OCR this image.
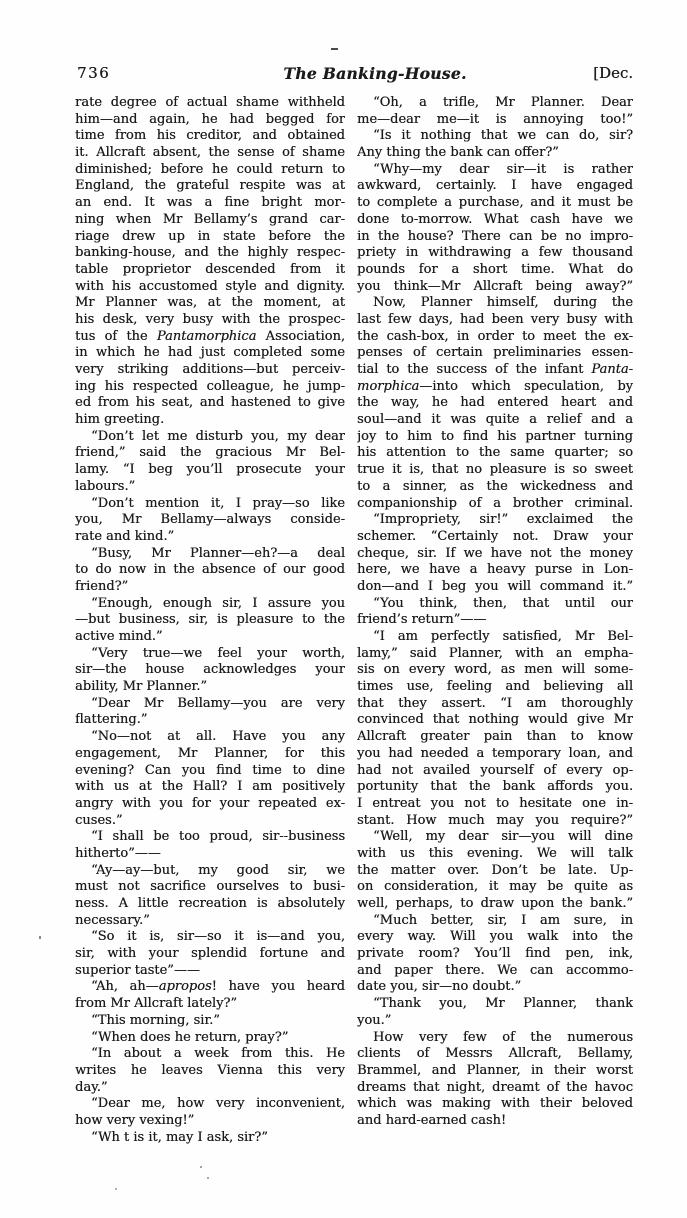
736	The Banking-House.	[Dec.
rate degree of actual shame withheld
him—and again, he had begged for
time from his creditor, and obtained
it. Allcraft absent, the sense of shame
diminished; before he could return to
England, the grateful respite was at
an end. It was a fine bright mor-
ning when Mr Bellamy’s grand car-
riage drew up in state before the
banking-house, and the highly respec-
table proprietor descended from it
with his accustomed style and dignity.
Mr Planner was, at the moment, at
his desk, very busy with the prospec-
tus of the Pantamorphica Association,
in which he had just completed some
very striking additions—but perceiv-
ing his respected colleague, he jump-
ed from his seat, and hastened to give
him greeting.
“Don’t let me disturb you, my dear
friend,” said the gracious Mr Bel-
lamy. “I beg you’ll prosecute your
labours.”
“Don’t mention it, I pray—so like
you, Mr Bellamy—always conside-
rate and kind.”
“Busy, Mr Planner—eh?—a deal
to do now in the absence of our good
friend?”
“Enough, enough sir, I assure you
—but business, sir, is pleasure to the
active mind.”
“Very true—we feel your worth,
sir—the house acknowledges your
ability, Mr Planner.”
“Dear Mr Bellamy—you are very
flattering.”
“No—not at all. Have you any
engagement, Mr Planner, for this
evening? Can you find time to dine
with us at the Hall? I am positively
angry with you for your repeated ex-
cuses.”
“I shall be too proud, sir--business
hitherto”——
“Ay—ay—but, my good sir, we
must not sacrifice ourselves to busi-
ness. A little recreation is absolutely
necessary.”
“So it is, sir—so it is—and you,
sir, with your splendid fortune and
superior taste”——
“Ah, ah—apropos! have you heard
from Mr Allcraft lately?”
“This morning, sir.”
“When does he return, pray?”
“In about a week from this. He
writes he leaves Vienna this very
day.”
“Dear me, how very inconvenient,
how very vexing!”
“Wh t is it, may I ask, sir?”
“Oh, a trifle, Mr Planner. Dear
me—dear me—it is annoying too!”
“Is it nothing that we can do, sir?
Any thing the bank can offer?”
“Why—my dear sir—it is rather
awkward, certainly. I have engaged
to complete a purchase, and it must be
done to-morrow. What cash have we
in the house? There can be no impro-
priety in withdrawing a few thousand
pounds for a short time. What do
you think—Mr Allcraft being away?”
Now, Planner himself, during the
last few days, had been very busy with
the cash-box, in order to meet the ex-
penses of certain preliminaries essen-
tial to the success of the infant Panta-
morphica—into which speculation, by
the way, he had entered heart and
soul—and it was quite a relief and a
joy to him to find his partner turning
his attention to the same quarter; so
true it is, that no pleasure is so sweet
to a sinner, as the wickedness and
companionship of a brother criminal.
“Impropriety, sir!” exclaimed the
schemer. “Certainly not. Draw your
cheque, sir. If we have not the money
here, we have a heavy purse in Lon-
don—and I beg you will command it.”
“You think, then, that until our
friend’s return”——
“I am perfectly satisfied, Mr Bel-
lamy,” said Planner, with an empha-
sis on every word, as men will some-
times use, feeling and believing all
that they assert. “I am thoroughly
convinced that nothing would give Mr
Allcraft greater pain than to know
you had needed a temporary loan, and
had not availed yourself of every op-
portunity that the bank affords you.
I entreat you not to hesitate one in-
stant. How much may you require?”
“Well, my dear sir—you will dine
with us this evening. We will talk
the matter over. Don’t be late. Up-
on consideration, it may be quite as
well, perhaps, to draw upon the bank.”
“Much better, sir, I am sure, in
every way. Will you walk into the
private room? You’ll find pen, ink,
and paper there. We can accommo-
date you, sir—no doubt.”
“Thank you, Mr Planner, thank
you.”
How very few of the numerous
clients of Messrs Allcraft, Bellamy,
Brammel, and Planner, in their worst
dreams that night, dreamt of the havoc
which was making with their beloved
and hard-earned cash!
